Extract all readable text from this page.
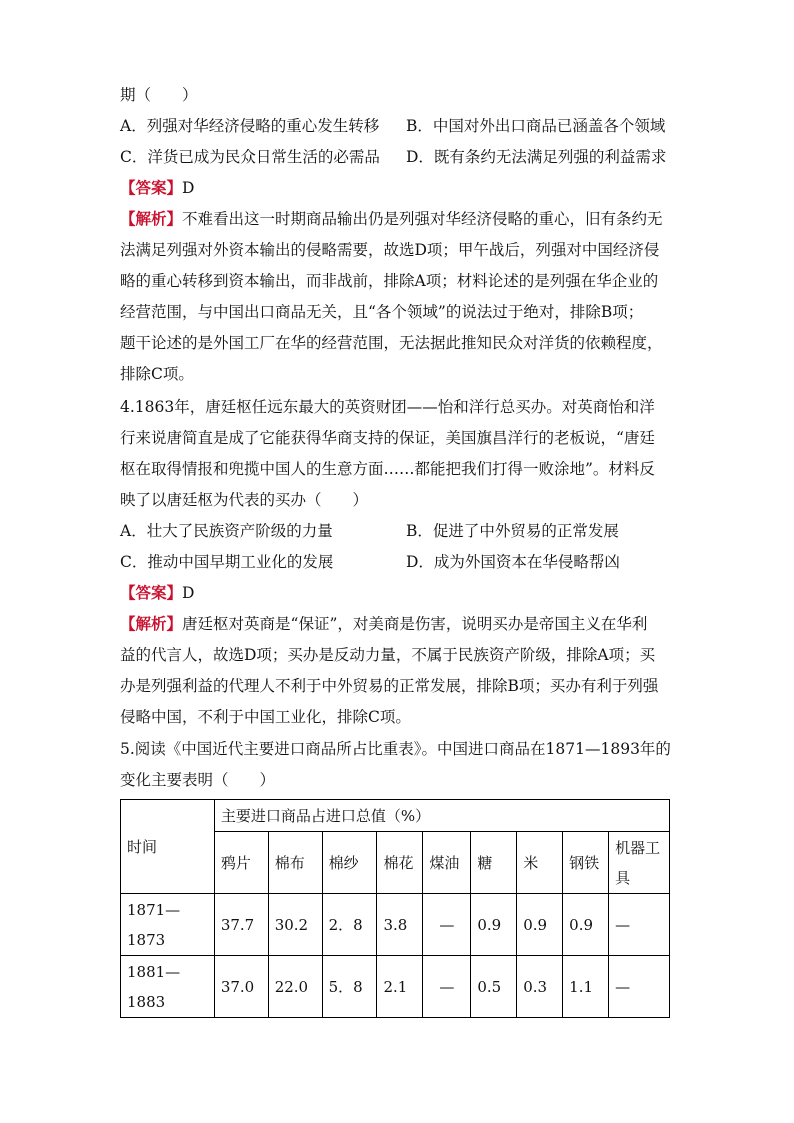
期（　　）
A．列强对华经济侵略的重心发生转移 B．中国对外出口商品已涵盖各个领域
C．洋货已成为民众日常生活的必需品 D．既有条约无法满足列强的利益需求
【答案】D
【解析】不难看出这一时期商品输出仍是列强对华经济侵略的重心，旧有条约无
法满足列强对外资本输出的侵略需要，故选D项；甲午战后，列强对中国经济侵
略的重心转移到资本输出，而非战前，排除A项；材料论述的是列强在华企业的
经营范围，与中国出口商品无关，且“各个领域”的说法过于绝对，排除B项；
题干论述的是外国工厂在华的经营范围，无法据此推知民众对洋货的依赖程度，
排除C项。
4.1863年，唐廷枢任远东最大的英资财团——怡和洋行总买办。对英商怡和洋
行来说唐简直是成了它能获得华商支持的保证，美国旗昌洋行的老板说，“唐廷
枢在取得情报和兜揽中国人的生意方面……都能把我们打得一败涂地”。材料反
映了以唐廷枢为代表的买办（　　）
A．壮大了民族资产阶级的力量	B．促进了中外贸易的正常发展
C．推动中国早期工业化的发展	D．成为外国资本在华侵略帮凶
【答案】D
【解析】唐廷枢对英商是“保证”，对美商是伤害，说明买办是帝国主义在华利
益的代言人，故选D项；买办是反动力量，不属于民族资产阶级，排除A项；买
办是列强利益的代理人不利于中外贸易的正常发展，排除B项；买办有利于列强
侵略中国，不利于中国工业化，排除C项。
5.阅读《中国近代主要进口商品所占比重表》。中国进口商品在1871—1893年的
变化主要表明（　　）
时间	主要进口商品占进口总值（%）								
	鸦片	棉布	棉纱	棉花	煤油	糖	米	钢铁	机器工具
1871—1873	37.7	30.2	2．8	3.8	—	0.9	0.9	0.9	—
1881—1883	37.0	22.0	5．8	2.1	—	0.5	0.3	1.1	—
